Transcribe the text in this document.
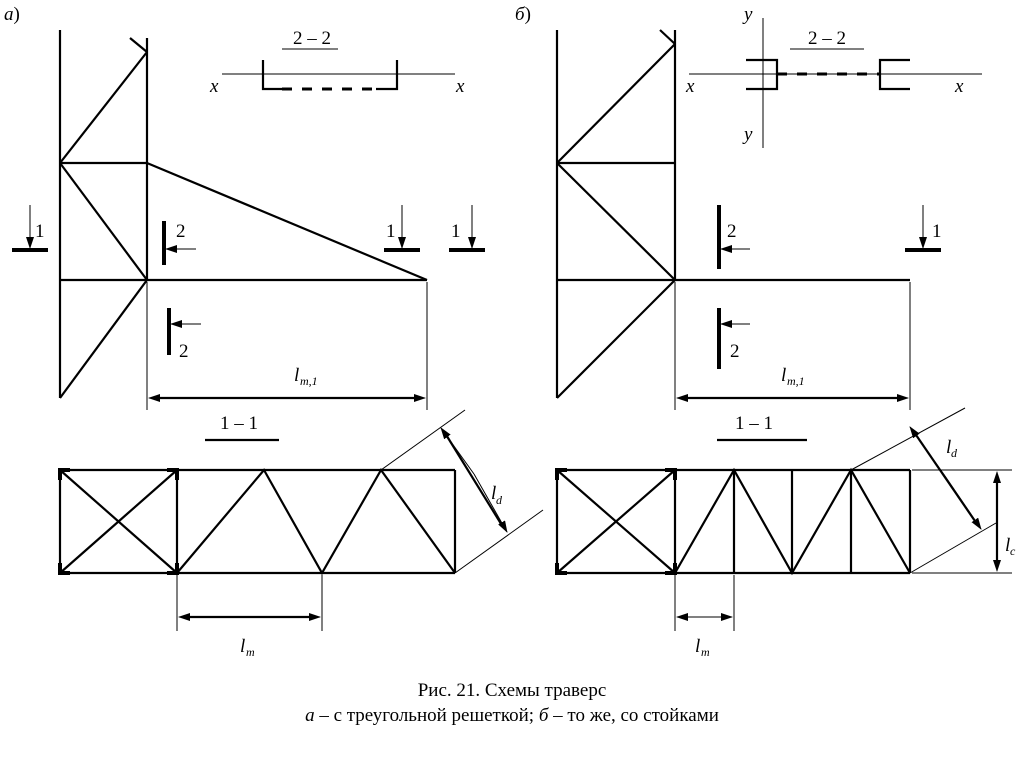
а)
1	1	1
2
2
l m,1
2 – 2
x	x
1 – 1
l d
l m
б)
1
2
2
l m,1
2 – 2
x	x
y
y
1 – 1
l d
l c
l m
Рис. 21. Схемы траверс
а – с треугольной решеткой; б – то же, со стойками
